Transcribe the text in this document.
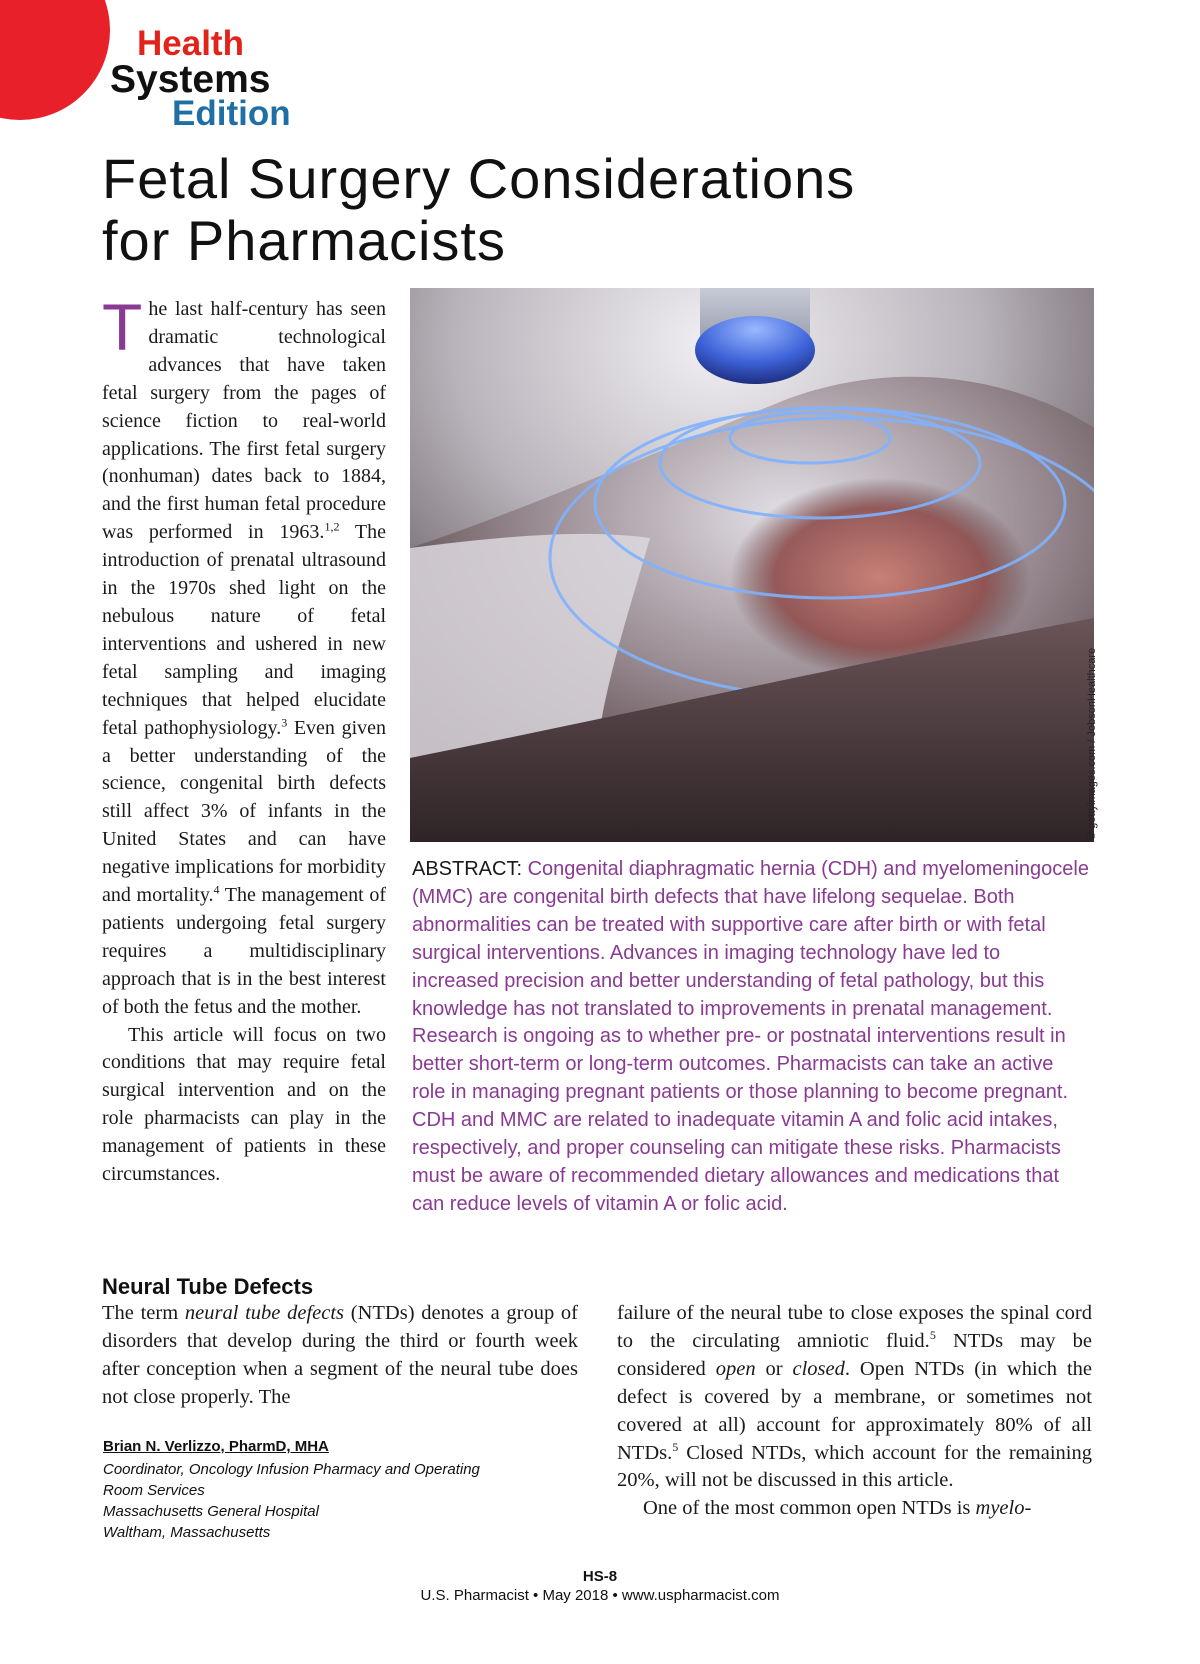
Health
Systems
Edition
Fetal Surgery Considerations
for Pharmacists

The last half-century has seen dramatic technological advances that have taken fetal surgery from the pages of science fiction to real-world applications. The first fetal surgery (nonhuman) dates back to 1884, and the first human fetal procedure was performed in 1963.$^{1,2}$ The introduction of prenatal ultrasound in the 1970s shed light on the nebulous nature of fetal interventions and ushered in new fetal sampling and imaging techniques that helped elucidate fetal pathophysiology.$^3$ Even given a better understanding of the science, congenital birth defects still affect 3% of infants in the United States and can have negative implications for morbidity and mortality.$^4$ The management of patients undergoing fetal surgery requires a multidisciplinary approach that is in the best interest of both the fetus and the mother.

This article will focus on two conditions that may require fetal surgical intervention and on the role pharmacists can play in the management of patients in these circumstances.

© gettyimages.com / JobsonHealthcare

ABSTRACT: Congenital diaphragmatic hernia (CDH) and myelomeningocele (MMC) are congenital birth defects that have lifelong sequelae. Both abnormalities can be treated with supportive care after birth or with fetal surgical interventions. Advances in imaging technology have led to increased precision and better understanding of fetal pathology, but this knowledge has not translated to improvements in prenatal management. Research is ongoing as to whether pre- or postnatal interventions result in better short-term or long-term outcomes. Pharmacists can take an active role in managing pregnant patients or those planning to become pregnant. CDH and MMC are related to inadequate vitamin A and folic acid intakes, respectively, and proper counseling can mitigate these risks. Pharmacists must be aware of recommended dietary allowances and medications that can reduce levels of vitamin A or folic acid.

Neural Tube Defects

The term neural tube defects (NTDs) denotes a group of disorders that develop during the third or fourth week after conception when a segment of the neural tube does not close properly. The

failure of the neural tube to close exposes the spinal cord to the circulating amniotic fluid.$^5$ NTDs may be considered open or closed. Open NTDs (in which the defect is covered by a membrane, or sometimes not covered at all) account for approximately 80% of all NTDs.$^5$ Closed NTDs, which account for the remaining 20%, will not be discussed in this article.

One of the most common open NTDs is myelo-

Brian N. Verlizzo, PharmD, MHA

Coordinator, Oncology Infusion Pharmacy and Operating

Room Services

Massachusetts General Hospital

Waltham, Massachusetts

HS-8

U.S. Pharmacist • May 2018 • www.uspharmacist.com
